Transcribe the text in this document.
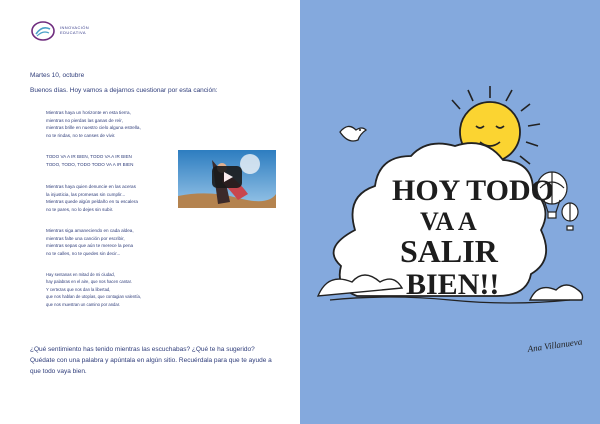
INNOVACIÓN
EDUCATIVA
Martes 10, octubre
Buenos días. Hoy vamos a dejarnos cuestionar por esta canción:
Mientras haya un horizonte en esta tierra,
mientras no pierdas las ganas de reír,
mientras brille en nuestro cielo alguna estrella,
no te rindas, no te canses de vivir.
TODO VA A IR BIEN, TODO VA A IR BIEN
TODO, TODO, TODO TODO VA A IR BIEN
Mientras haya quien denuncie en las aceras
la injusticia, las promesas sin cumplir...
Mientras quede algún peldaño en tu escalera
no te pares, no lo dejes sin subir.
Mientras siga amaneciendo en cada aldea,
mientras falte una canción por escribir,
mientras sepas que aún te merece la pena
no te calles, no te quedes sin decir...
Hay sentanas en mitad de mi ciudad,
hay palabras en el aire, que nos hacen cantar.
Y certezas que nos dan la libertad,
que nos hablan de utopías, que contagian valentía,
que nos muestran un camino por andar.
¿Qué sentimiento has tenido mientras las escuchabas? ¿Qué te ha sugerido? Quédate con una palabra y apúntala en algún sitio. Recuérdala para que te ayude a que todo vaya bien.
HOY TODO
VA A
SALIR
BIEN!!
Ana Villanueva
